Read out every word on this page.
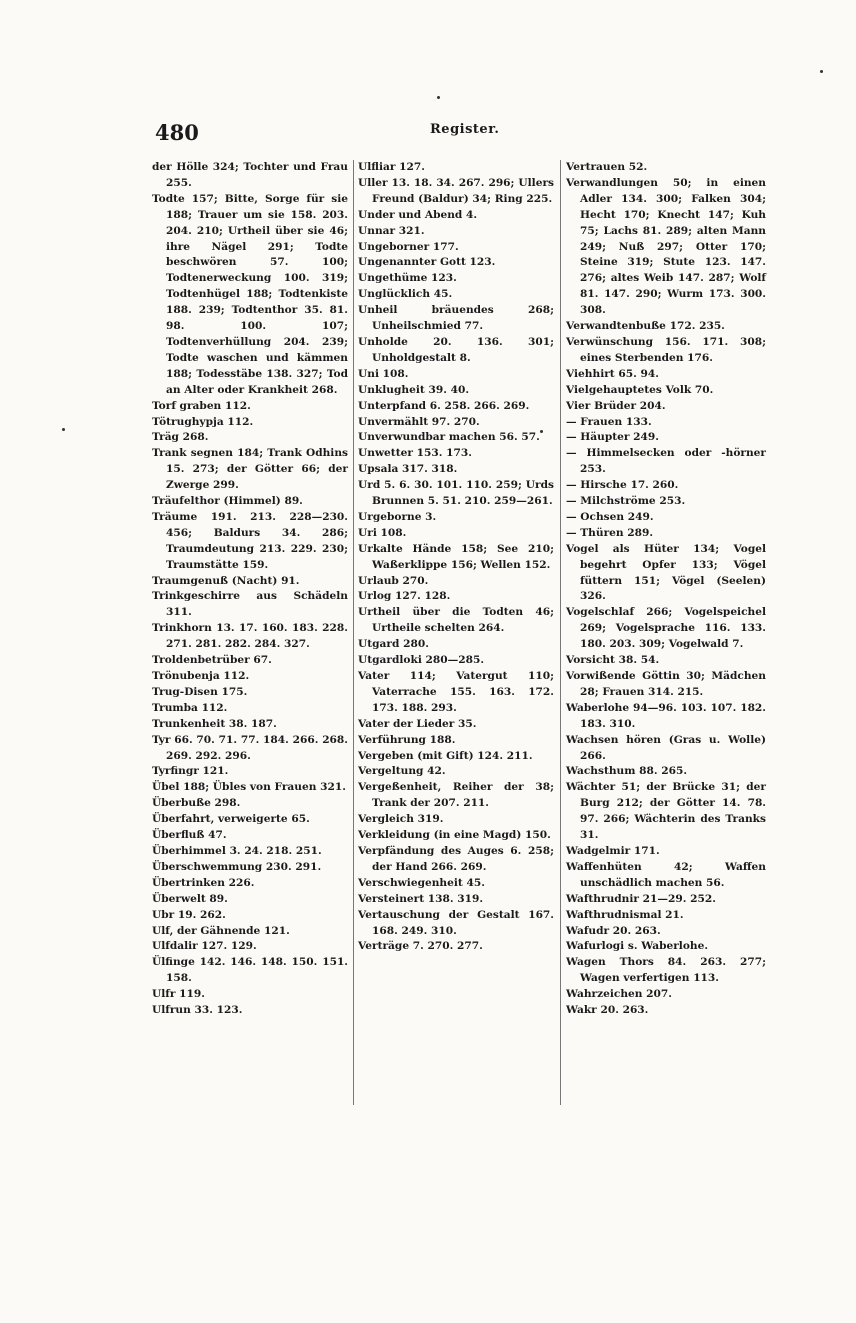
480	Register.
der Hölle 324; Tochter und Frau 255.
Todte 157; Bitte, Sorge für sie 188; Trauer um sie 158. 203. 204. 210; Urtheil über sie 46; ihre Nägel 291; Todte beschwören 57. 100; Todtenerweckung 100. 319; Todtenhügel 188; Todtenkiste 188. 239; Todtenthor 35. 81. 98. 100. 107; Todtenverhüllung 204. 239; Todte waschen und kämmen 188; Todesstäbe 138. 327; Tod an Alter oder Krankheit 268.
Torf graben 112.
Tötrughypja 112.
Träg 268.
Trank segnen 184; Trank Odhins 15. 273; der Götter 66; der Zwerge 299.
Träufelthor (Himmel) 89.
Träume 191. 213. 228—230. 456; Baldurs 34. 286; Traumdeutung 213. 229. 230; Traumstätte 159.
Traumgenuß (Nacht) 91.
Trinkgeschirre aus Schädeln 311.
Trinkhorn 13. 17. 160. 183. 228. 271. 281. 282. 284. 327.
Troldenbetrüber 67.
Trönubenja 112.
Trug-Disen 175.
Trumba 112.
Trunkenheit 38. 187.
Tyr 66. 70. 71. 77. 184. 266. 268. 269. 292. 296.
Tyrfingr 121.
Übel 188; Übles von Frauen 321.
Überbuße 298.
Überfahrt, verweigerte 65.
Überfluß 47.
Überhimmel 3. 24. 218. 251.
Überschwemmung 230. 291.
Übertrinken 226.
Überwelt 89.
Ubr 19. 262.
Ulf, der Gähnende 121.
Ulfdalir 127. 129.
Ülfinge 142. 146. 148. 150. 151. 158.
Ulfr 119.
Ulfrun 33. 123.
Ulfliar 127.
Uller 13. 18. 34. 267. 296; Ullers Freund (Baldur) 34; Ring 225.
Under und Abend 4.
Unnar 321.
Ungeborner 177.
Ungenannter Gott 123.
Ungethüme 123.
Unglücklich 45.
Unheil bräuendes 268; Unheilschmied 77.
Unholde 20. 136. 301; Unholdgestalt 8.
Uni 108.
Unklugheit 39. 40.
Unterpfand 6. 258. 266. 269.
Unvermählt 97. 270.
Unverwundbar machen 56. 57.
Unwetter 153. 173.
Upsala 317. 318.
Urd 5. 6. 30. 101. 110. 259; Urds Brunnen 5. 51. 210. 259—261.
Urgeborne 3.
Uri 108.
Urkalte Hände 158; See 210; Waßerklippe 156; Wellen 152.
Urlaub 270.
Urlog 127. 128.
Urtheil über die Todten 46; Urtheile schelten 264.
Utgard 280.
Utgardloki 280—285.
Vater 114; Vatergut 110; Vaterrache 155. 163. 172. 173. 188. 293.
Vater der Lieder 35.
Verführung 188.
Vergeben (mit Gift) 124. 211.
Vergeltung 42.
Vergeßenheit, Reiher der 38; Trank der 207. 211.
Vergleich 319.
Verkleidung (in eine Magd) 150.
Verpfändung des Auges 6. 258; der Hand 266. 269.
Verschwiegenheit 45.
Versteinert 138. 319.
Vertauschung der Gestalt 167. 168. 249. 310.
Verträge 7. 270. 277.
Vertrauen 52.
Verwandlungen 50; in einen Adler 134. 300; Falken 304; Hecht 170; Knecht 147; Kuh 75; Lachs 81. 289; alten Mann 249; Nuß 297; Otter 170; Steine 319; Stute 123. 147. 276; altes Weib 147. 287; Wolf 81. 147. 290; Wurm 173. 300. 308.
Verwandtenbuße 172. 235.
Verwünschung 156. 171. 308; eines Sterbenden 176.
Viehhirt 65. 94.
Vielgehauptetes Volk 70.
Vier Brüder 204.
— Frauen 133.
— Häupter 249.
— Himmelsecken oder -hörner 253.
— Hirsche 17. 260.
— Milchströme 253.
— Ochsen 249.
— Thüren 289.
Vogel als Hüter 134; Vogel begehrt Opfer 133; Vögel füttern 151; Vögel (Seelen) 326.
Vogelschlaf 266; Vogelspeichel 269; Vogelsprache 116. 133. 180. 203. 309; Vogelwald 7.
Vorsicht 38. 54.
Vorwißende Göttin 30; Mädchen 28; Frauen 314. 215.
Waberlohe 94—96. 103. 107. 182. 183. 310.
Wachsen hören (Gras u. Wolle) 266.
Wachsthum 88. 265.
Wächter 51; der Brücke 31; der Burg 212; der Götter 14. 78. 97. 266; Wächterin des Tranks 31.
Wadgelmir 171.
Waffenhüten 42; Waffen unschädlich machen 56.
Wafthrudnir 21—29. 252.
Wafthrudnismal 21.
Wafudr 20. 263.
Wafurlogi s. Waberlohe.
Wagen Thors 84. 263. 277; Wagen verfertigen 113.
Wahrzeichen 207.
Wakr 20. 263.
